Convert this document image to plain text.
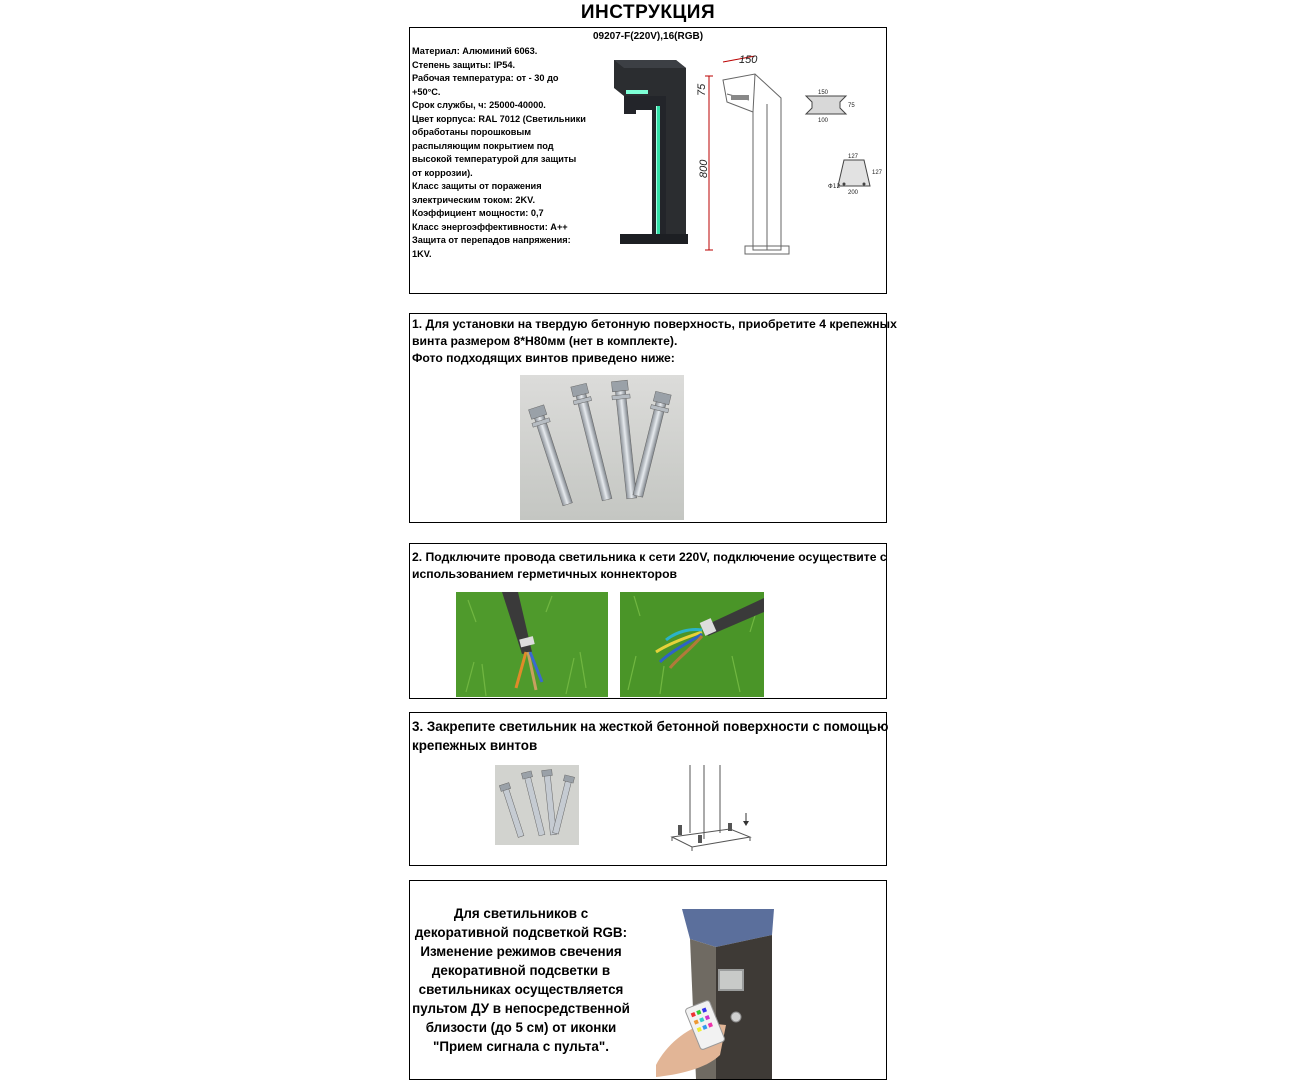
ИНСТРУКЦИЯ
09207-F(220V),16(RGB)
Материал: Алюминий 6063.
Степень защиты: IP54.
Рабочая температура: от - 30 до
+50°C.
Срок службы, ч: 25000-40000.
Цвет корпуса: RAL 7012 (Светильники
обработаны порошковым
распыляющим покрытием под
высокой температурой для защиты
от коррозии).
Класс защиты от поражения
электрическим током: 2KV.
Коэффициент мощности: 0,7
Класс энергоэффективности: A++
Защита от перепадов напряжения:
1KV.
150
75
800
150
75
100
127
127
200
Φ12
1. Для установки на твердую бетонную поверхность, приобретите 4 крепежных
винта размером 8*H80мм (нет в комплекте).
Фото подходящих винтов приведено ниже:
2. Подключите провода светильника к сети 220V, подключение осуществите с
использованием герметичных коннекторов
3. Закрепите светильник на жесткой бетонной поверхности с помощью
крепежных винтов
Для светильников с
декоративной подсветкой RGB:
Изменение режимов свечения
декоративной подсветки в
светильниках осуществляется
пультом ДУ в непосредственной
близости (до 5 см) от иконки
"Прием сигнала с пульта".
